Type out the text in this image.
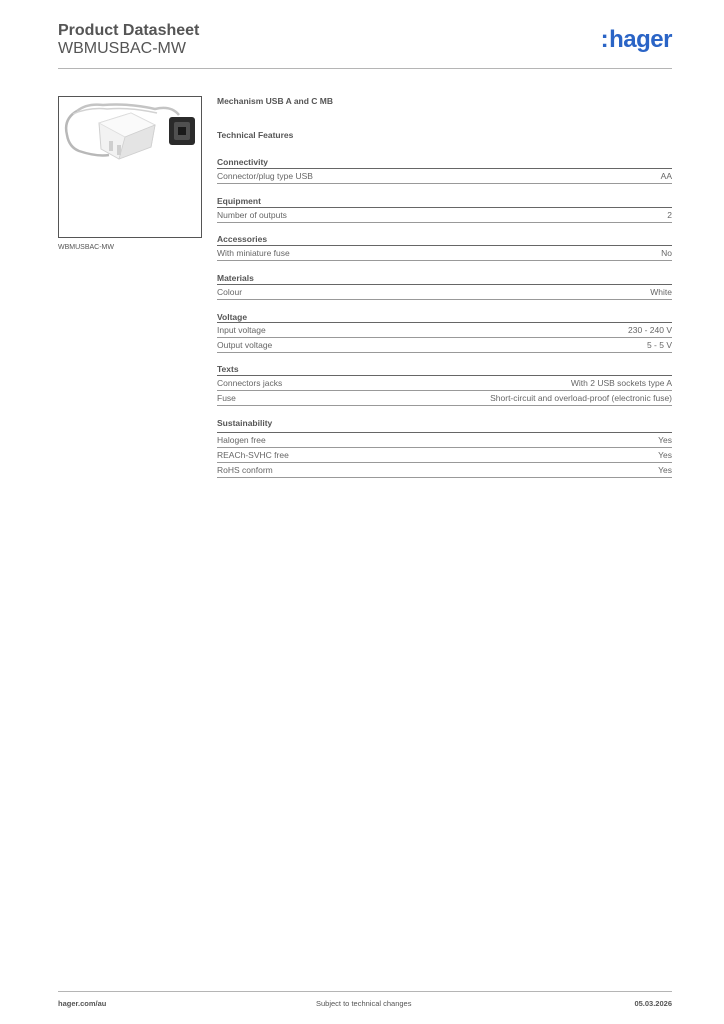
Product Datasheet
WBMUSBAC-MW	:hager
WBMUSBAC-MW
Mechanism USB A and C MB
Technical Features
Connectivity
Connector/plug type USB	AA
Equipment
Number of outputs	2
Accessories
With miniature fuse	No
Materials
Colour	White
Voltage
Input voltage	230 - 240 V
Output voltage	5 - 5 V
Texts
Connectors jacks	With 2 USB sockets type A
Fuse	Short-circuit and overload-proof (electronic fuse)
Sustainability
Halogen free	Yes
REACh-SVHC free	Yes
RoHS conform	Yes
hager.com/au	Subject to technical changes	05.03.2026
